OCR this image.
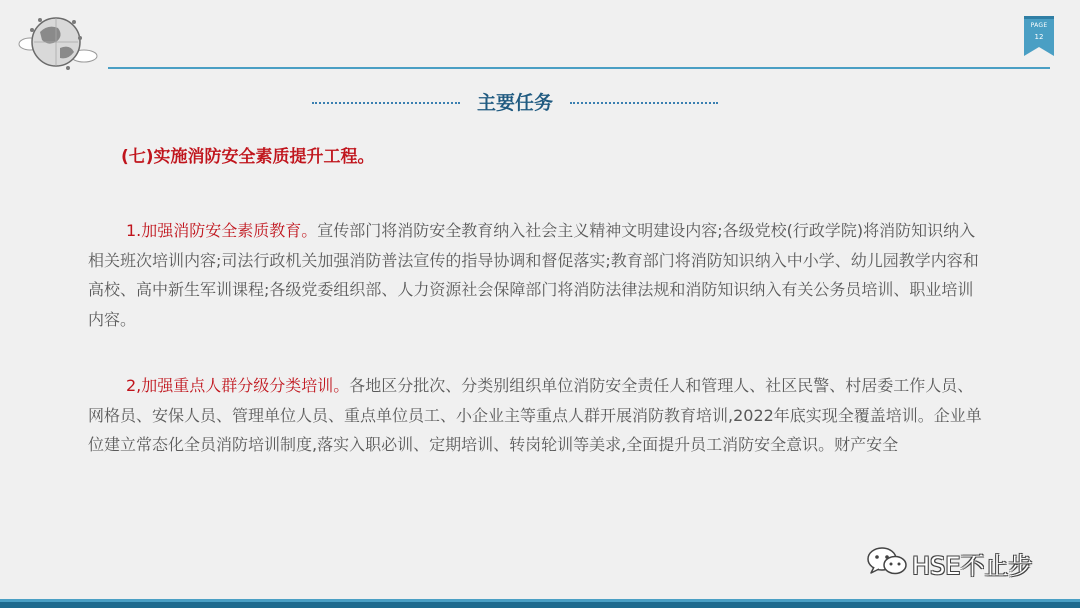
PAGE
12
主要任务
(七)实施消防安全素质提升工程。
1.加强消防安全素质教育。宣传部门将消防安全教育纳入社会主义精神文明建设内容;各级党校(行政学院)将消防知识纳入相关班次培训内容;司法行政机关加强消防普法宣传的指导协调和督促落实;教育部门将消防知识纳入中小学、幼儿园教学内容和高校、高中新生军训课程;各级党委组织部、人力资源社会保障部门将消防法律法规和消防知识纳入有关公务员培训、职业培训内容。
2,加强重点人群分级分类培训。各地区分批次、分类别组织单位消防安全责任人和管理人、社区民警、村居委工作人员、网格员、安保人员、管理单位人员、重点单位员工、小企业主等重点人群开展消防教育培训,2022年底实现全覆盖培训。企业单位建立常态化全员消防培训制度,落实入职必训、定期培训、转岗轮训等美求,全面提升员工消防安全意识。财产安全
HSE不止步
